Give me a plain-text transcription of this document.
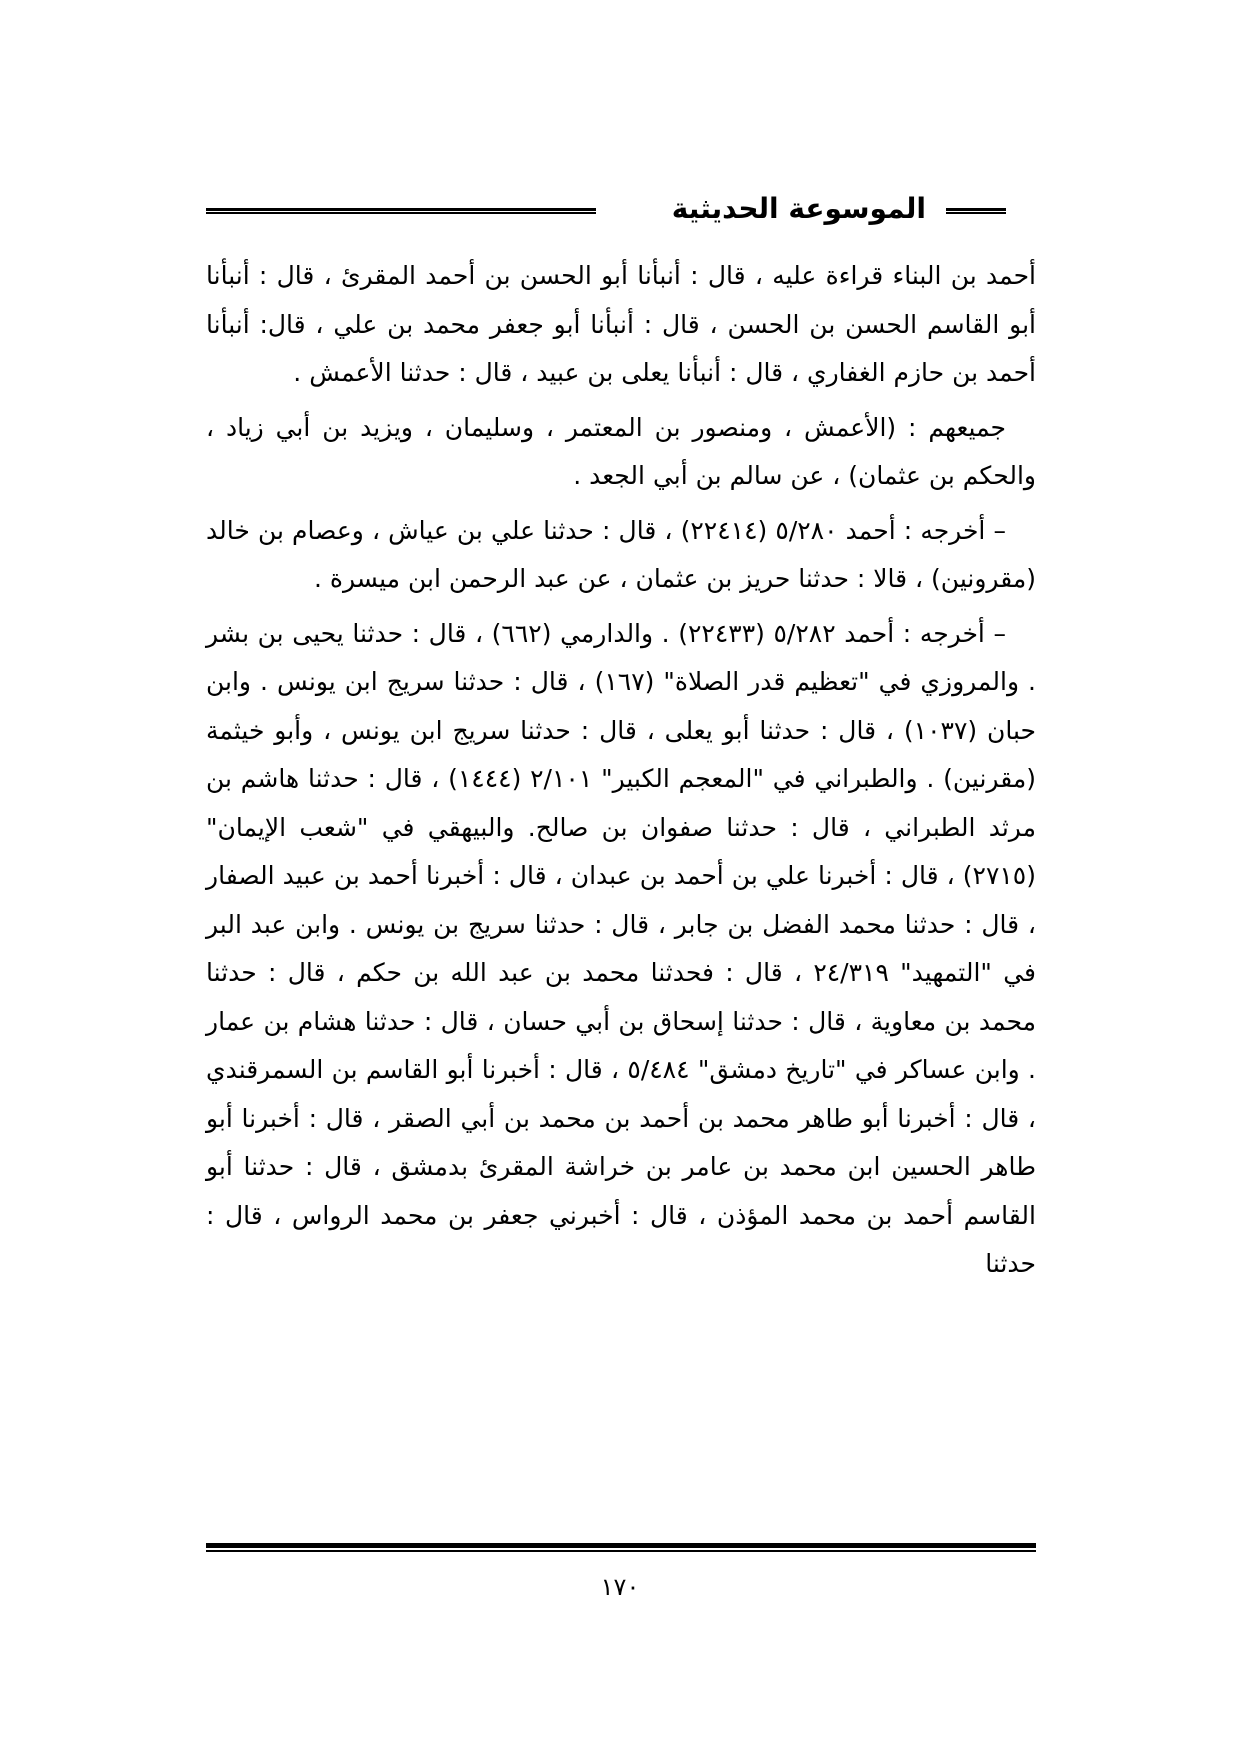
الموسوعة الحديثية

أحمد بن البناء قراءة عليه ، قال : أنبأنا أبو الحسن بن أحمد المقرئ ، قال : أنبأنا أبو القاسم الحسن بن الحسن ، قال : أنبأنا أبو جعفر محمد بن علي ، قال: أنبأنا أحمد بن حازم الغفاري ، قال : أنبأنا يعلى بن عبيد ، قال : حدثنا الأعمش .

جميعهم : (الأعمش ، ومنصور بن المعتمر ، وسليمان ، ويزيد بن أبي زياد ، والحكم بن عثمان) ، عن سالم بن أبي الجعد .

– أخرجه : أحمد ٥/٢٨٠ (٢٢٤١٤) ، قال : حدثنا علي بن عياش ، وعصام بن خالد (مقرونين) ، قالا : حدثنا حريز بن عثمان ، عن عبد الرحمن ابن ميسرة .

– أخرجه : أحمد ٥/٢٨٢ (٢٢٤٣٣) . والدارمي (٦٦٢) ، قال : حدثنا يحيى بن بشر . والمروزي في "تعظيم قدر الصلاة" (١٦٧) ، قال : حدثنا سريج ابن يونس . وابن حبان (١٠٣٧) ، قال : حدثنا أبو يعلى ، قال : حدثنا سريج ابن يونس ، وأبو خيثمة (مقرنين) . والطبراني في "المعجم الكبير" ٢/١٠١ (١٤٤٤) ، قال : حدثنا هاشم بن مرثد الطبراني ، قال : حدثنا صفوان بن صالح. والبيهقي في "شعب الإيمان" (٢٧١٥) ، قال : أخبرنا علي بن أحمد بن عبدان ، قال : أخبرنا أحمد بن عبيد الصفار ، قال : حدثنا محمد الفضل بن جابر ، قال : حدثنا سريج بن يونس . وابن عبد البر في "التمهيد" ٢٤/٣١٩ ، قال : فحدثنا محمد بن عبد الله بن حكم ، قال : حدثنا محمد بن معاوية ، قال : حدثنا إسحاق بن أبي حسان ، قال : حدثنا هشام بن عمار . وابن عساكر في "تاريخ دمشق" ٥/٤٨٤ ، قال : أخبرنا أبو القاسم بن السمرقندي ، قال : أخبرنا أبو طاهر محمد بن أحمد بن محمد بن أبي الصقر ، قال : أخبرنا أبو طاهر الحسين ابن محمد بن عامر بن خراشة المقرئ بدمشق ، قال : حدثنا أبو القاسم أحمد بن محمد المؤذن ، قال : أخبرني جعفر بن محمد الرواس ، قال : حدثنا

١٧٠
